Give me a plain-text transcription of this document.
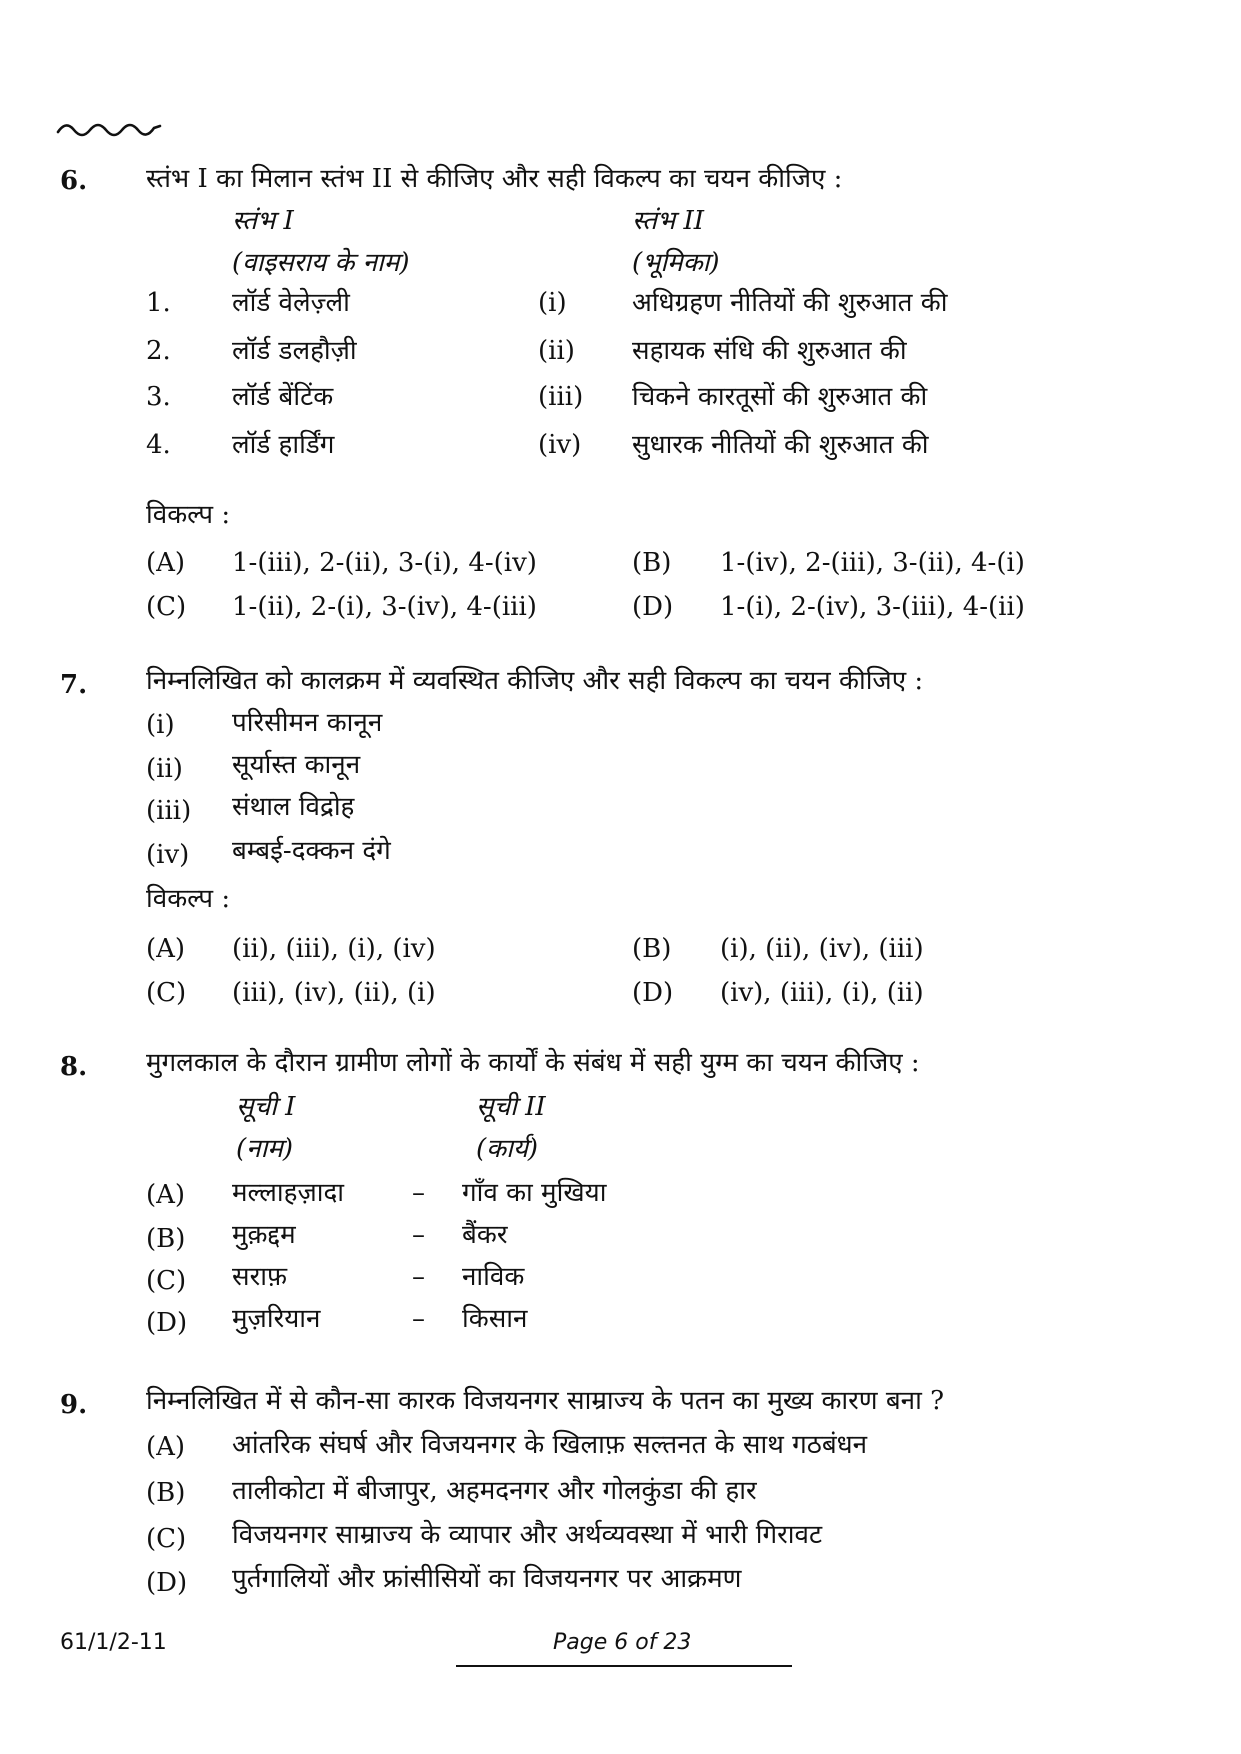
6. स्तंभ I का मिलान स्तंभ II से कीजिए और सही विकल्प का चयन कीजिए :
स्तंभ I	स्तंभ II
(वाइसराय के नाम)	(भूमिका)
1. लॉर्ड वेलेज़्ली	(i)	अधिग्रहण नीतियों की शुरुआत की
2. लॉर्ड डलहौज़ी	(ii) सहायक संधि की शुरुआत की
3. लॉर्ड बेंटिंक	(iii) चिकने कारतूसों की शुरुआत की
4. लॉर्ड हार्डिंग	(iv) सुधारक नीतियों की शुरुआत की
विकल्प :
(A) 1-(iii), 2-(ii), 3-(i), 4-(iv)	(B) 1-(iv), 2-(iii), 3-(ii), 4-(i)
(C) 1-(ii), 2-(i), 3-(iv), 4-(iii)	(D) 1-(i), 2-(iv), 3-(iii), 4-(ii)
7. निम्नलिखित को कालक्रम में व्यवस्थित कीजिए और सही विकल्प का चयन कीजिए :
(i) परिसीमन कानून
(ii) सूर्यास्त कानून
(iii) संथाल विद्रोह
(iv) बम्बई-दक्कन दंगे
विकल्प :
(A) (ii), (iii), (i), (iv)	(B) (i), (ii), (iv), (iii)
(C) (iii), (iv), (ii), (i)	(D) (iv), (iii), (i), (ii)
8. मुगलकाल के दौरान ग्रामीण लोगों के कार्यों के संबंध में सही युग्म का चयन कीजिए :
सूची I	सूची II
(नाम)	(कार्य)
(A) मल्लाहज़ादा	– गाँव का मुखिया
(B) मुक़द्दम	– बैंकर
(C) सराफ़	– नाविक
(D) मुज़रियान	– किसान
9. निम्नलिखित में से कौन-सा कारक विजयनगर साम्राज्य के पतन का मुख्य कारण बना ?
(A) आंतरिक संघर्ष और विजयनगर के खिलाफ़ सल्तनत के साथ गठबंधन
(B) तालीकोटा में बीजापुर, अहमदनगर और गोलकुंडा की हार
(C) विजयनगर साम्राज्य के व्यापार और अर्थव्यवस्था में भारी गिरावट
(D) पुर्तगालियों और फ्रांसीसियों का विजयनगर पर आक्रमण
61/1/2-11	Page 6 of 23
